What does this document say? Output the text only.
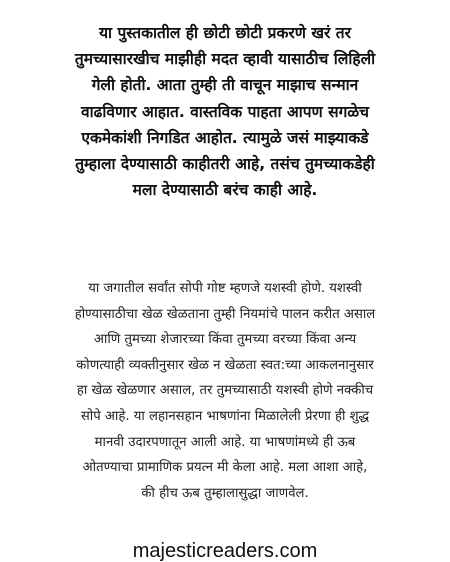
या पुस्तकातील ही छोटी छोटी प्रकरणे खरं तर
तुमच्यासारखीच माझीही मदत व्हावी यासाठीच लिहिली
गेली होती. आता तुम्ही ती वाचून माझाच सन्मान
वाढविणार आहात. वास्तविक पाहता आपण सगळेच
एकमेकांशी निगडित आहोत. त्यामुळे जसं माझ्याकडे
तुम्हाला देण्यासाठी काहीतरी आहे, तसंच तुमच्याकडेही
मला देण्यासाठी बरंच काही आहे.
या जगातील सर्वांत सोपी गोष्ट म्हणजे यशस्वी होणे. यशस्वी
होण्यासाठीचा खेळ खेळताना तुम्ही नियमांचे पालन करीत असाल
आणि तुमच्या शेजारच्या किंवा तुमच्या वरच्या किंवा अन्य
कोणत्याही व्यक्तीनुसार खेळ न खेळता स्वत:च्या आकलनानुसार
हा खेळ खेळणार असाल, तर तुमच्यासाठी यशस्वी होणे नक्कीच
सोपे आहे. या लहानसहान भाषणांना मिळालेली प्रेरणा ही शुद्ध
मानवी उदारपणातून आली आहे. या भाषणांमध्ये ही ऊब
ओतण्याचा प्रामाणिक प्रयत्न मी केला आहे. मला आशा आहे,
की हीच ऊब तुम्हालासुद्धा जाणवेल.
majesticreaders.com
